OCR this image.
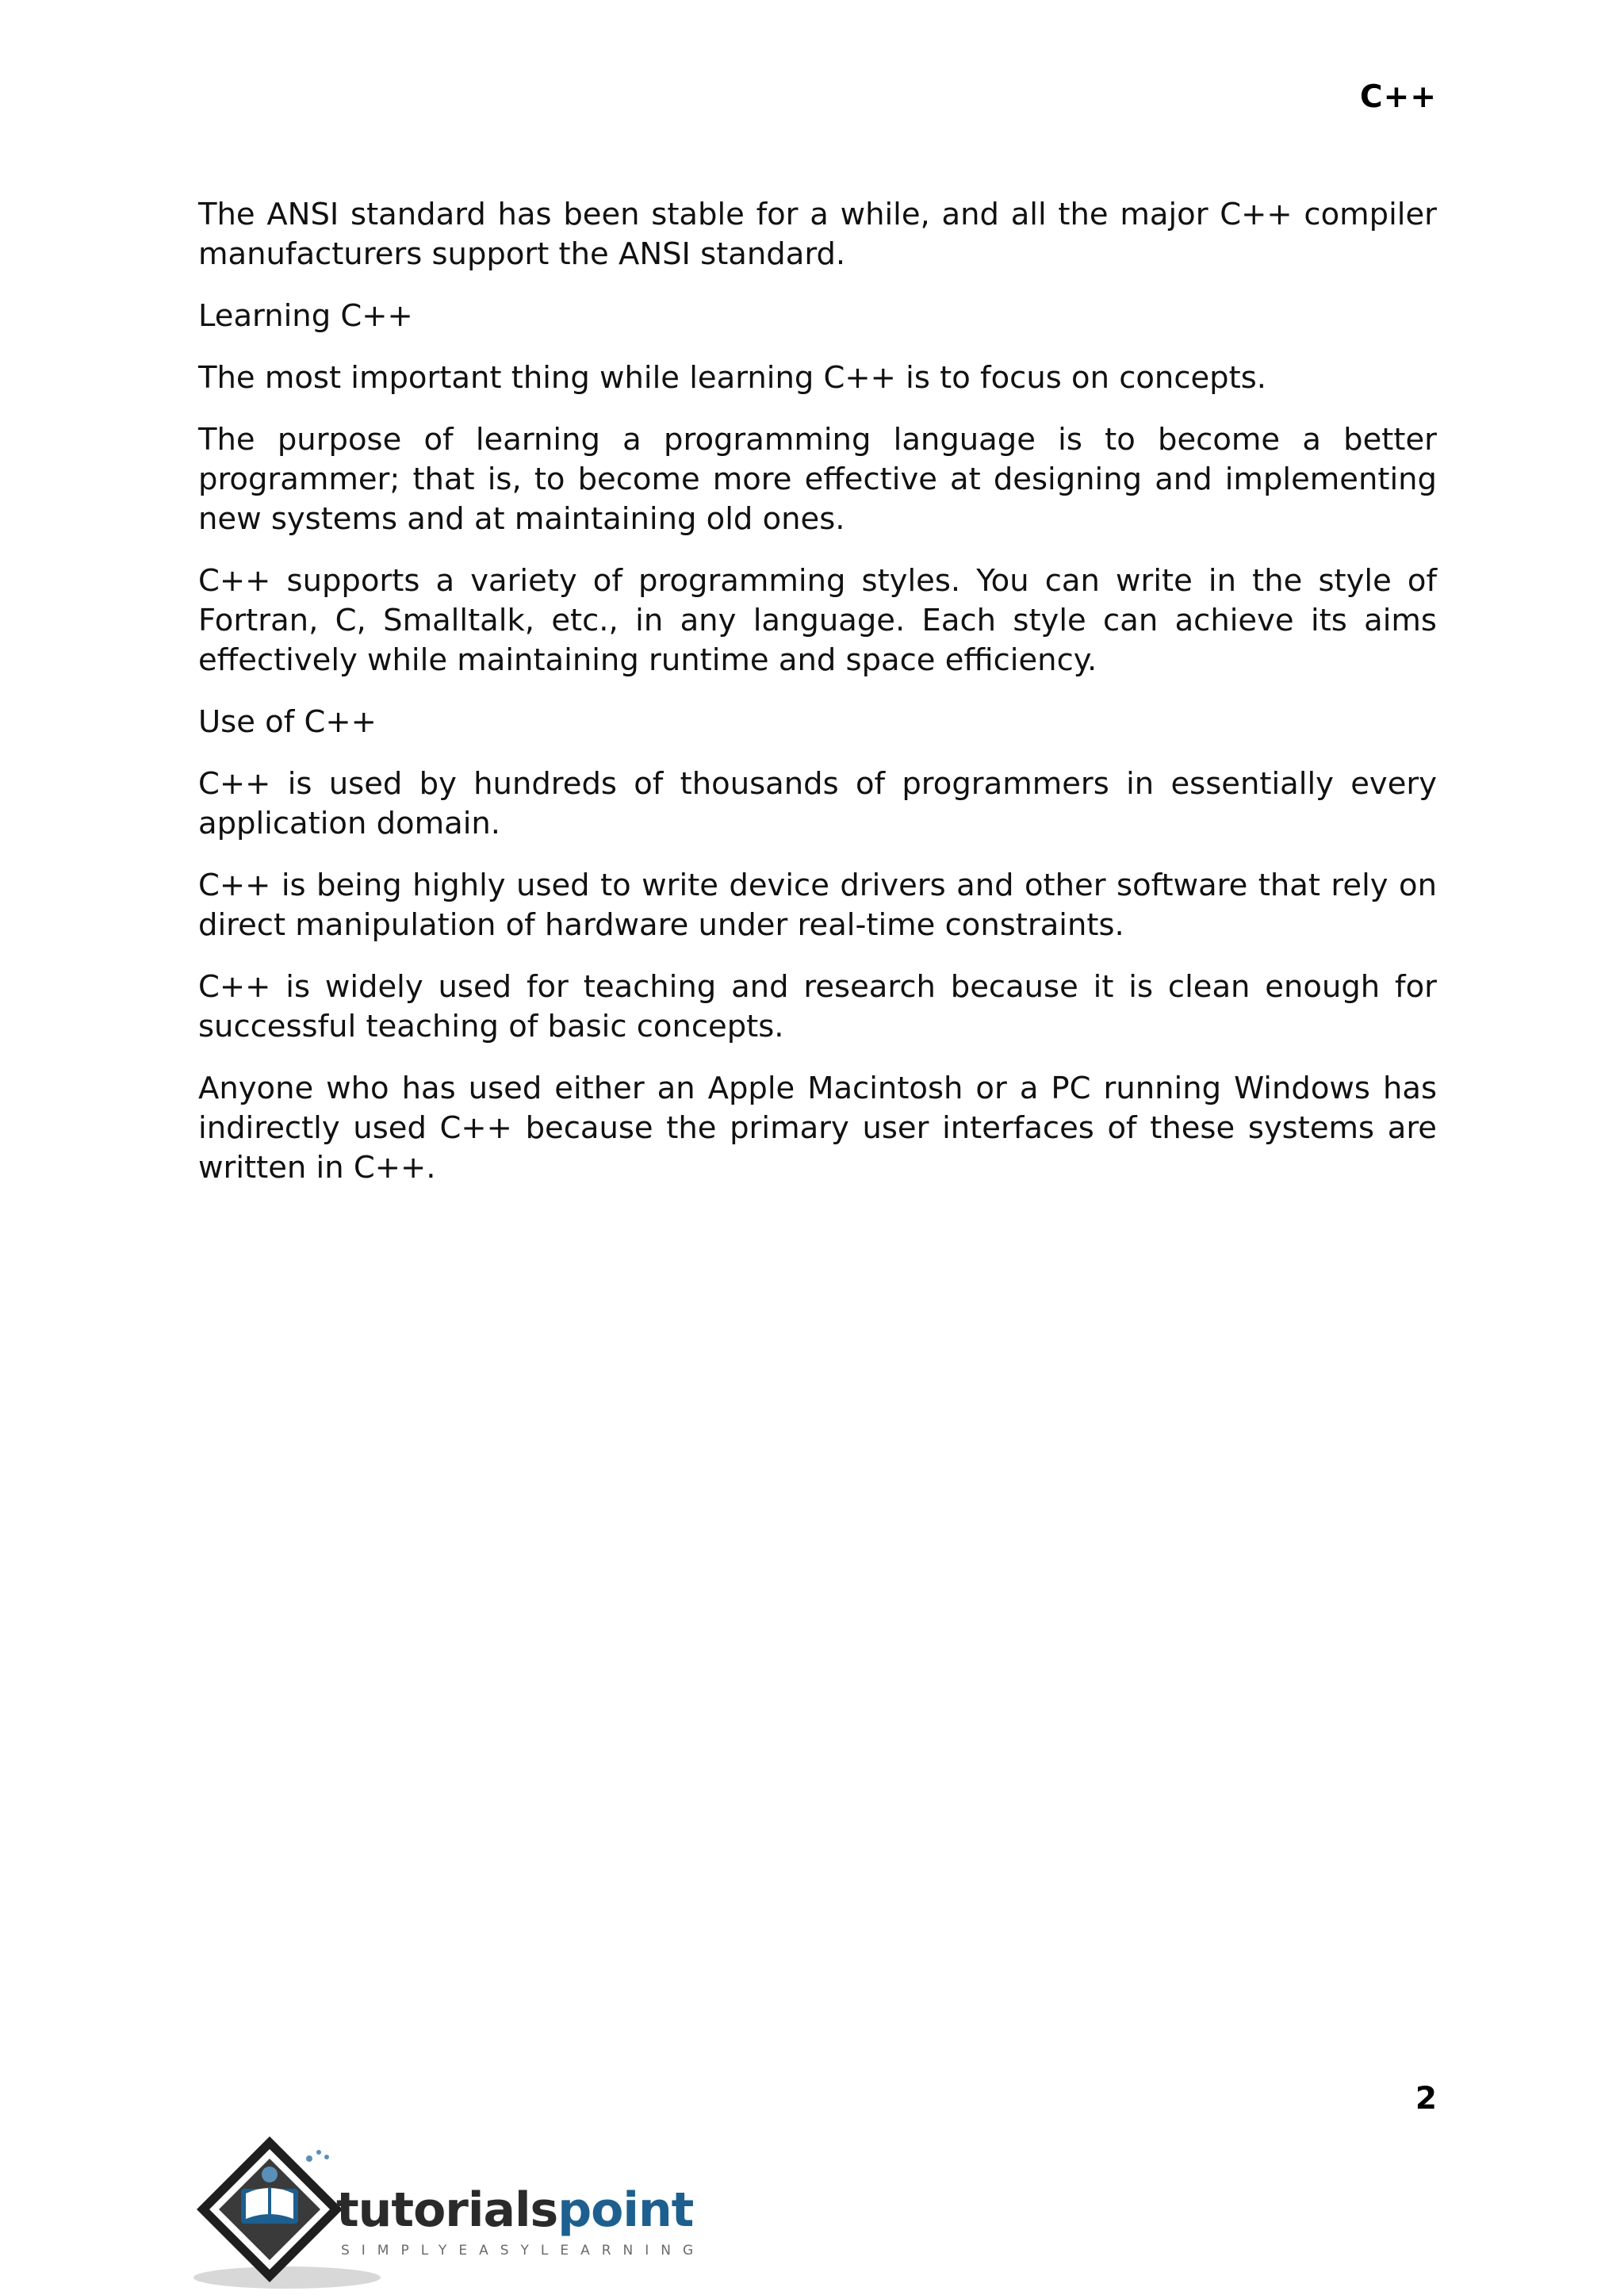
C++

The ANSI standard has been stable for a while, and all the major C++ compiler manufacturers support the ANSI standard.

Learning C++

The most important thing while learning C++ is to focus on concepts.

The purpose of learning a programming language is to become a better programmer; that is, to become more effective at designing and implementing new systems and at maintaining old ones.

C++ supports a variety of programming styles. You can write in the style of Fortran, C, Smalltalk, etc., in any language. Each style can achieve its aims effectively while maintaining runtime and space efficiency.

Use of C++

C++ is used by hundreds of thousands of programmers in essentially every application domain.

C++ is being highly used to write device drivers and other software that rely on direct manipulation of hardware under real-time constraints.

C++ is widely used for teaching and research because it is clean enough for successful teaching of basic concepts.

Anyone who has used either an Apple Macintosh or a PC running Windows has indirectly used C++ because the primary user interfaces of these systems are written in C++.

2
tutorialspoint
SIMPLYEASYLEARNING
